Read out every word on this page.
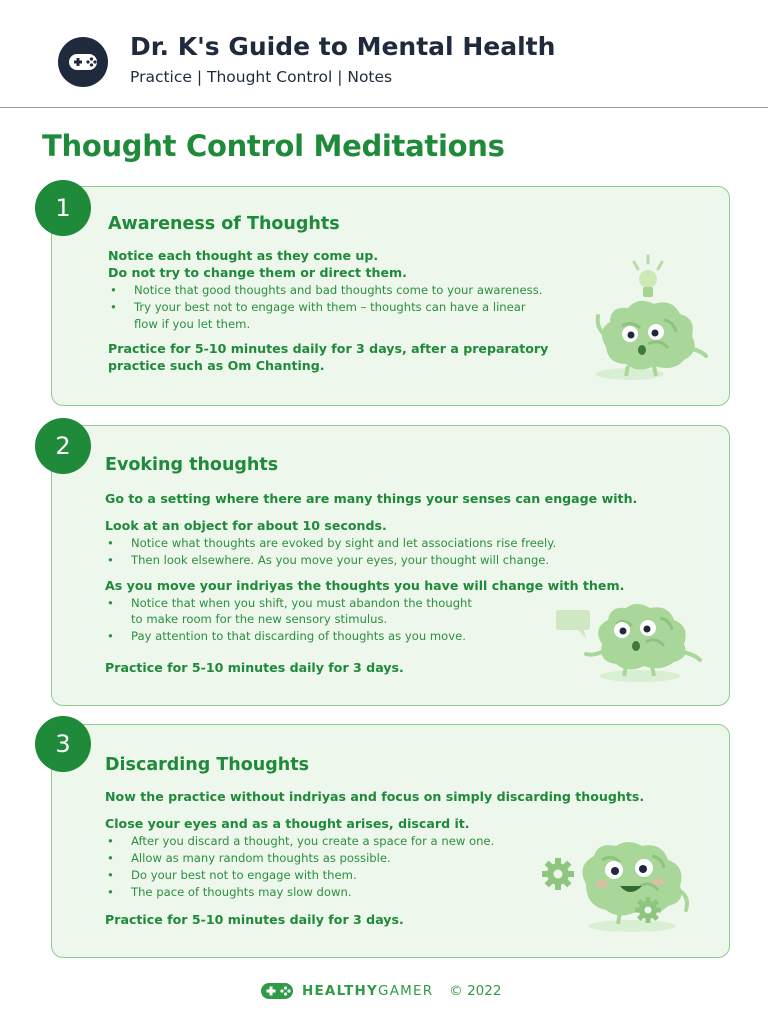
Dr. K's Guide to Mental Health
Practice | Thought Control | Notes
Thought Control Meditations
1
Awareness of Thoughts
Notice each thought as they come up.
Do not try to change them or direct them.
• Notice that good thoughts and bad thoughts come to your awareness.
• Try your best not to engage with them – thoughts can have a linear
flow if you let them.
Practice for 5-10 minutes daily for 3 days, after a preparatory
practice such as Om Chanting.
2
Evoking thoughts
Go to a setting where there are many things your senses can engage with.
Look at an object for about 10 seconds.
• Notice what thoughts are evoked by sight and let associations rise freely.
• Then look elsewhere. As you move your eyes, your thought will change.
As you move your indriyas the thoughts you have will change with them.
• Notice that when you shift, you must abandon the thought
to make room for the new sensory stimulus.
• Pay attention to that discarding of thoughts as you move.
Practice for 5-10 minutes daily for 3 days.
3
Discarding Thoughts
Now the practice without indriyas and focus on simply discarding thoughts.
Close your eyes and as a thought arises, discard it.
• After you discard a thought, you create a space for a new one.
• Allow as many random thoughts as possible.
• Do your best not to engage with them.
• The pace of thoughts may slow down.
Practice for 5-10 minutes daily for 3 days.
HEALTHYGAMER © 2022
